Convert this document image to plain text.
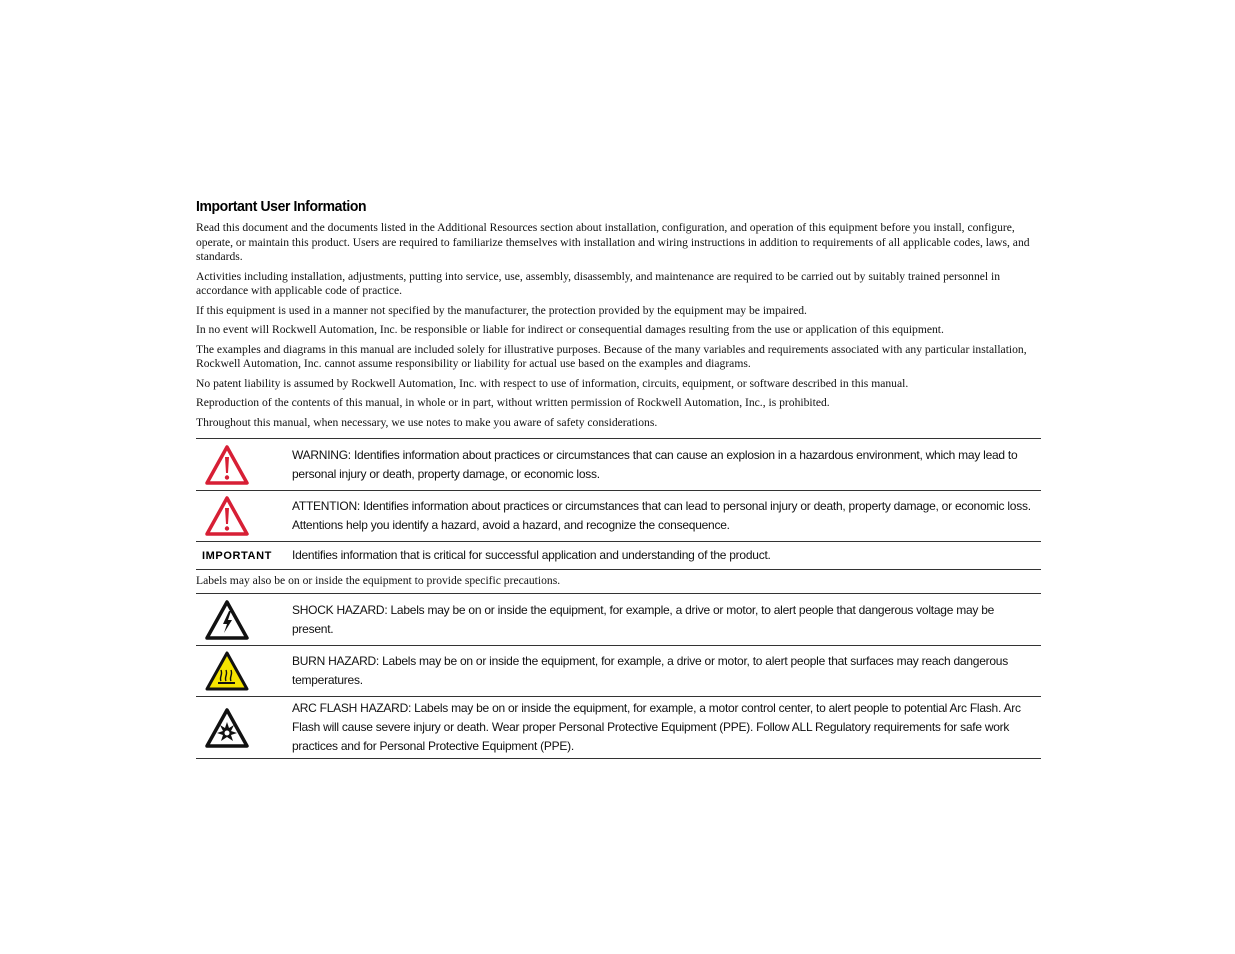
Important User Information

Read this document and the documents listed in the Additional Resources section about installation, configuration, and operation of this equipment before you install, configure, operate, or maintain this product. Users are required to familiarize themselves with installation and wiring instructions in addition to requirements of all applicable codes, laws, and standards.

Activities including installation, adjustments, putting into service, use, assembly, disassembly, and maintenance are required to be carried out by suitably trained personnel in accordance with applicable code of practice.

If this equipment is used in a manner not specified by the manufacturer, the protection provided by the equipment may be impaired.

In no event will Rockwell Automation, Inc. be responsible or liable for indirect or consequential damages resulting from the use or application of this equipment.

The examples and diagrams in this manual are included solely for illustrative purposes. Because of the many variables and requirements associated with any particular installation, Rockwell Automation, Inc. cannot assume responsibility or liability for actual use based on the examples and diagrams.

No patent liability is assumed by Rockwell Automation, Inc. with respect to use of information, circuits, equipment, or software described in this manual.

Reproduction of the contents of this manual, in whole or in part, without written permission of Rockwell Automation, Inc., is prohibited.

Throughout this manual, when necessary, we use notes to make you aware of safety considerations.

WARNING: Identifies information about practices or circumstances that can cause an explosion in a hazardous environment, which may lead to personal injury or death, property damage, or economic loss.
ATTENTION: Identifies information about practices or circumstances that can lead to personal injury or death, property damage, or economic loss. Attentions help you identify a hazard, avoid a hazard, and recognize the consequence.
IMPORTANT Identifies information that is critical for successful application and understanding of the product.
Labels may also be on or inside the equipment to provide specific precautions.
SHOCK HAZARD: Labels may be on or inside the equipment, for example, a drive or motor, to alert people that dangerous voltage may be present.
BURN HAZARD: Labels may be on or inside the equipment, for example, a drive or motor, to alert people that surfaces may reach dangerous temperatures.
ARC FLASH HAZARD: Labels may be on or inside the equipment, for example, a motor control center, to alert people to potential Arc Flash. Arc Flash will cause severe injury or death. Wear proper Personal Protective Equipment (PPE). Follow ALL Regulatory requirements for safe work practices and for Personal Protective Equipment (PPE).
